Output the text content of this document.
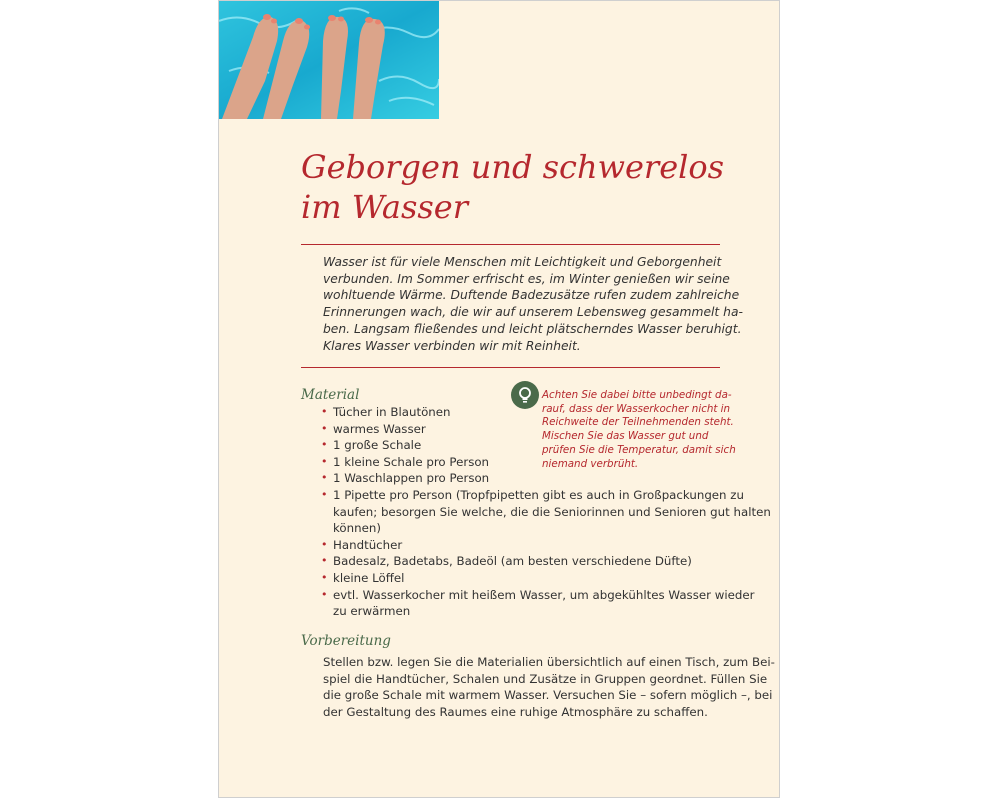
Geborgen und schwerelos
im Wasser

Wasser ist für viele Menschen mit Leichtigkeit und Geborgenheit
verbunden. Im Sommer erfrischt es, im Winter genießen wir seine
wohltuende Wärme. Duftende Badezusätze rufen zudem zahlreiche
Erinnerungen wach, die wir auf unserem Lebensweg gesammelt ha-
ben. Langsam fließendes und leicht plätscherndes Wasser beruhigt.
Klares Wasser verbinden wir mit Reinheit.

Material
• Tücher in Blautönen
• warmes Wasser
• 1 große Schale
• 1 kleine Schale pro Person
• 1 Waschlappen pro Person
• 1 Pipette pro Person (Tropfpipetten gibt es auch in Großpackungen zu
kaufen; besorgen Sie welche, die die Seniorinnen und Senioren gut halten
können)
• Handtücher
• Badesalz, Badetabs, Badeöl (am besten verschiedene Düfte)
• kleine Löffel
• evtl. Wasserkocher mit heißem Wasser, um abgekühltes Wasser wieder
zu erwärmen

Achten Sie dabei bitte unbedingt da-
rauf, dass der Wasserkocher nicht in
Reichweite der Teilnehmenden steht.
Mischen Sie das Wasser gut und
prüfen Sie die Temperatur, damit sich
niemand verbrüht.

Vorbereitung

Stellen bzw. legen Sie die Materialien übersichtlich auf einen Tisch, zum Bei-
spiel die Handtücher, Schalen und Zusätze in Gruppen geordnet. Füllen Sie
die große Schale mit warmem Wasser. Versuchen Sie – sofern möglich –, bei
der Gestaltung des Raumes eine ruhige Atmosphäre zu schaffen.
